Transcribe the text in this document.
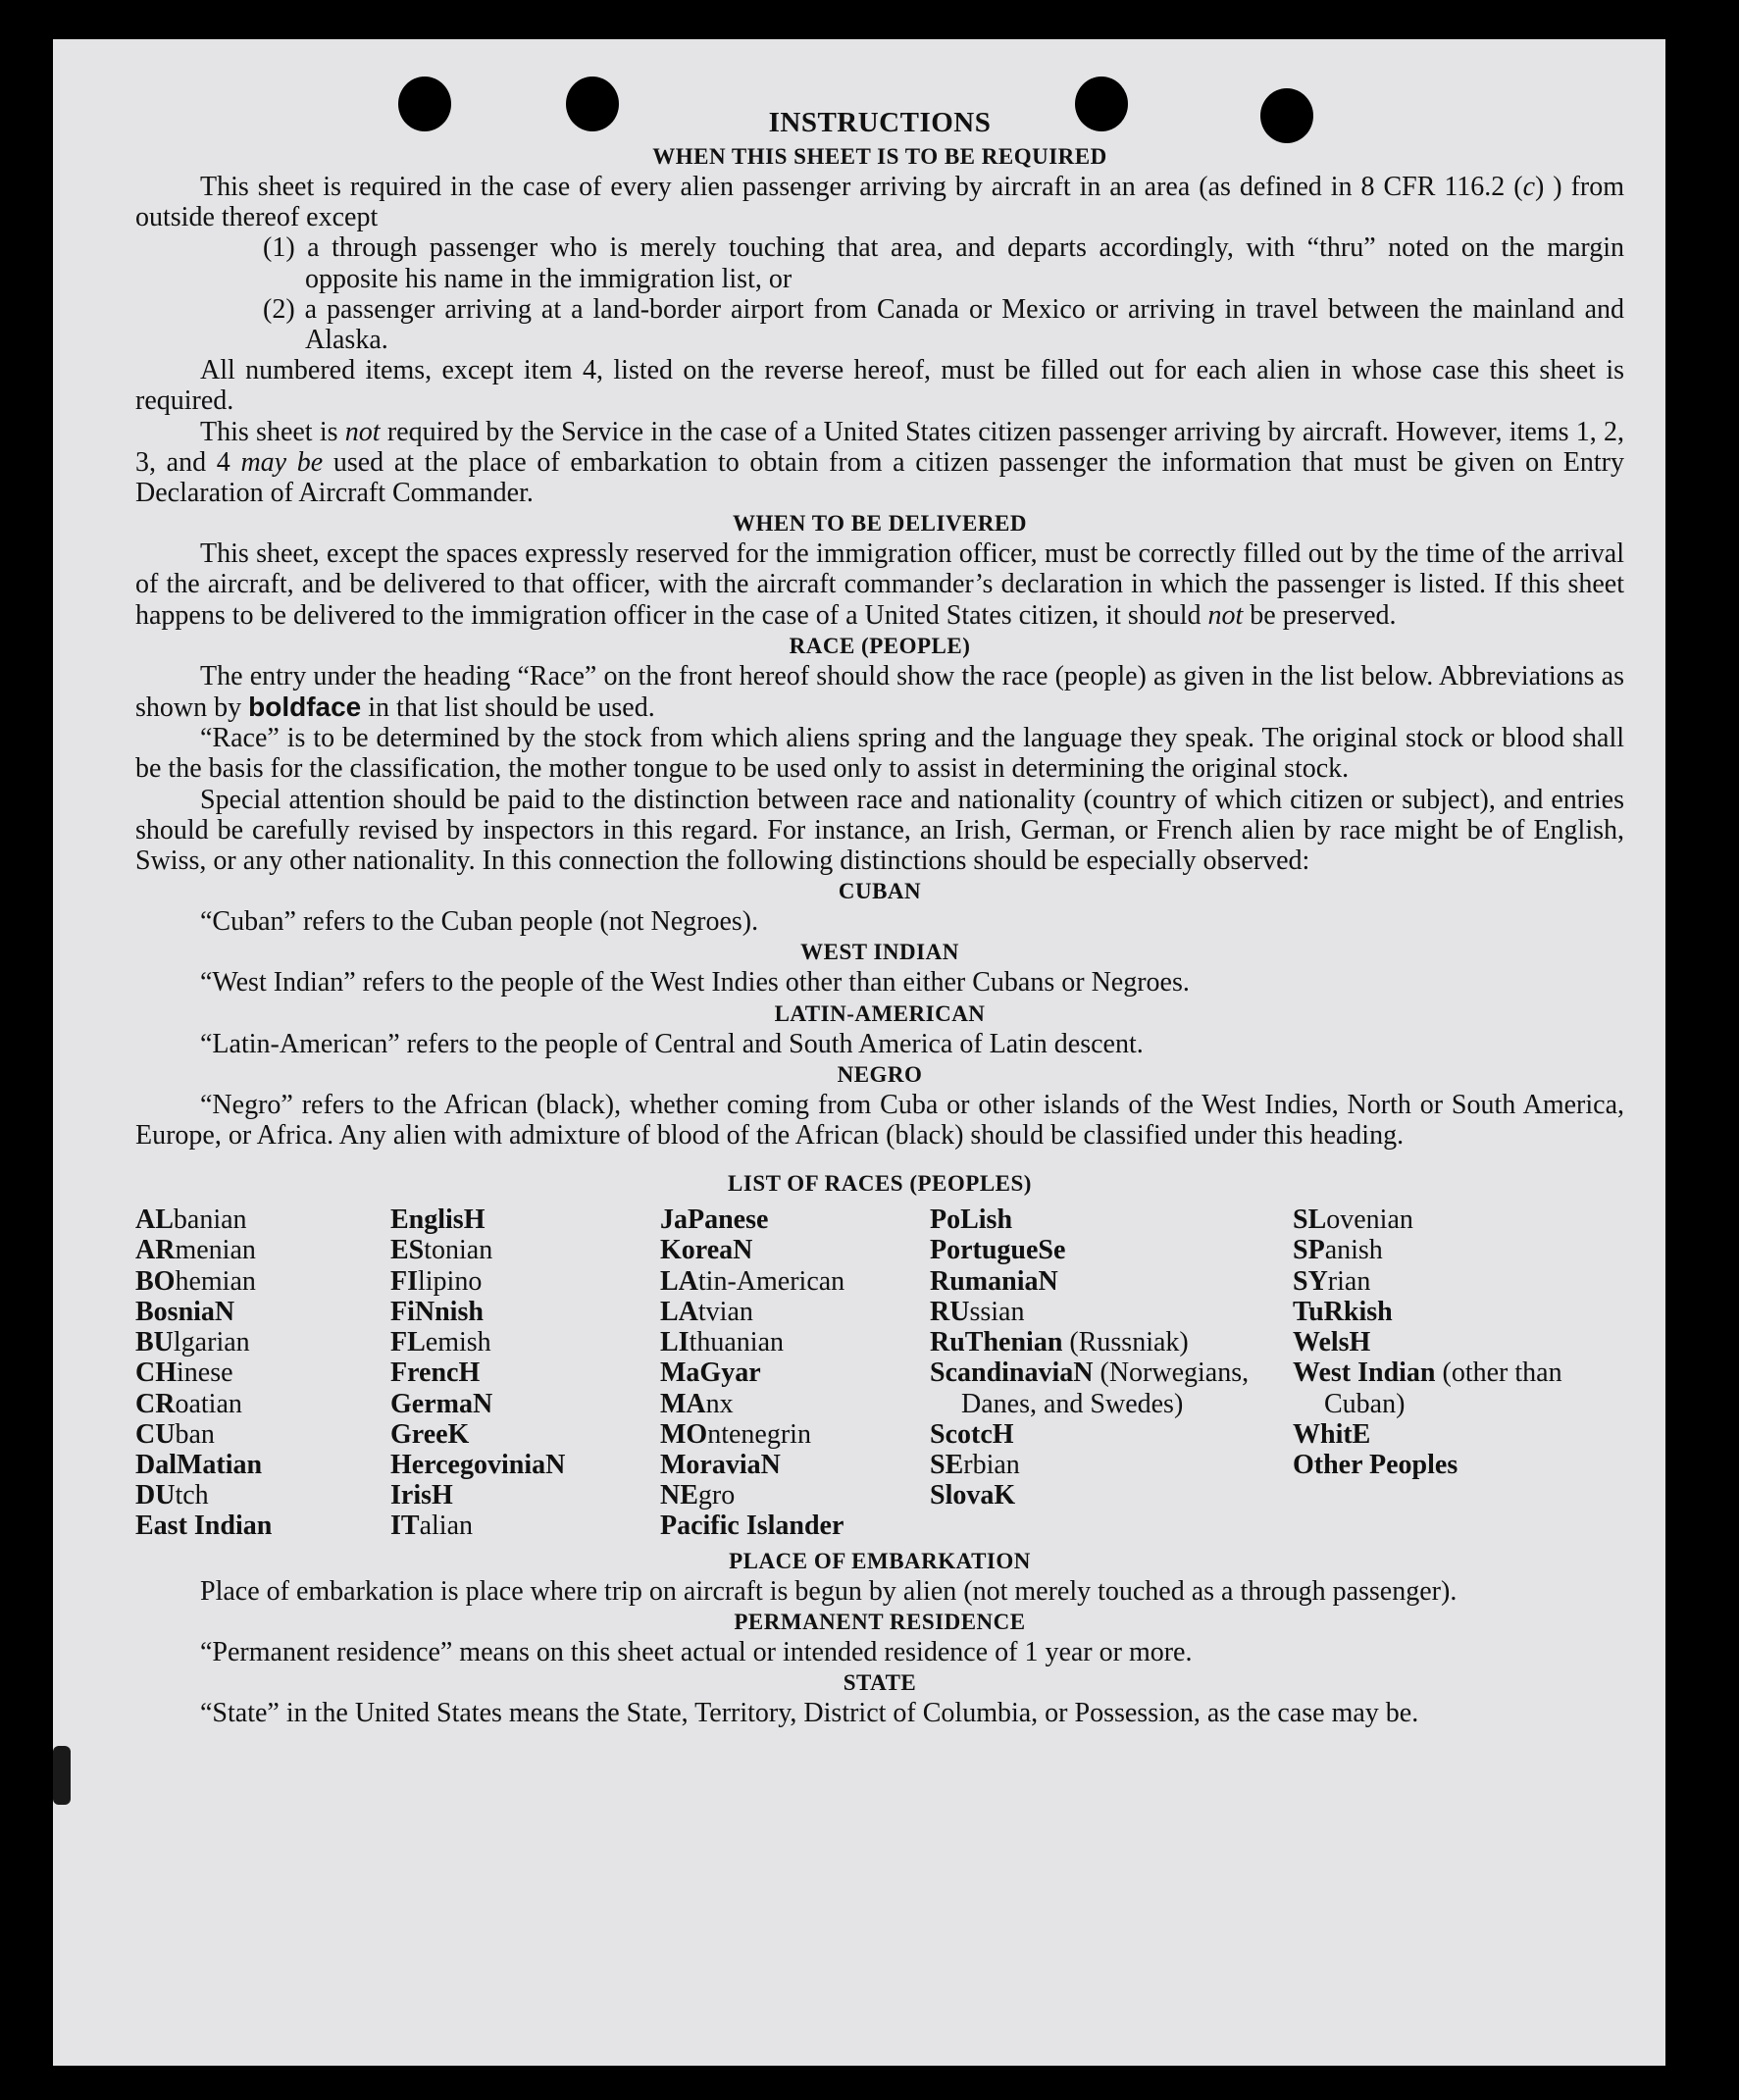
INSTRUCTIONS
WHEN THIS SHEET IS TO BE REQUIRED

This sheet is required in the case of every alien passenger arriving by aircraft in an area (as defined in 8 CFR 116.2 (c) ) from outside thereof except

(1) a through passenger who is merely touching that area, and departs accordingly, with “thru” noted on the margin opposite his name in the immigration list, or

(2) a passenger arriving at a land-border airport from Canada or Mexico or arriving in travel between the mainland and Alaska.

All numbered items, except item 4, listed on the reverse hereof, must be filled out for each alien in whose case this sheet is required.

This sheet is not required by the Service in the case of a United States citizen passenger arriving by aircraft. However, items 1, 2, 3, and 4 may be used at the place of embarkation to obtain from a citizen passenger the information that must be given on Entry Declaration of Aircraft Commander.

WHEN TO BE DELIVERED

This sheet, except the spaces expressly reserved for the immigration officer, must be correctly filled out by the time of the arrival of the aircraft, and be delivered to that officer, with the aircraft commander’s declaration in which the passenger is listed. If this sheet happens to be delivered to the immigration officer in the case of a United States citizen, it should not be preserved.

RACE (PEOPLE)

The entry under the heading “Race” on the front hereof should show the race (people) as given in the list below. Abbreviations as shown by boldface in that list should be used.

“Race” is to be determined by the stock from which aliens spring and the language they speak. The original stock or blood shall be the basis for the classification, the mother tongue to be used only to assist in determining the original stock.

Special attention should be paid to the distinction between race and nationality (country of which citizen or subject), and entries should be carefully revised by inspectors in this regard. For instance, an Irish, German, or French alien by race might be of English, Swiss, or any other nationality. In this connection the following distinctions should be especially observed:

CUBAN

“Cuban” refers to the Cuban people (not Negroes).

WEST INDIAN

“West Indian” refers to the people of the West Indies other than either Cubans or Negroes.

LATIN-AMERICAN

“Latin-American” refers to the people of Central and South America of Latin descent.

NEGRO

“Negro” refers to the African (black), whether coming from Cuba or other islands of the West Indies, North or South America, Europe, or Africa. Any alien with admixture of blood of the African (black) should be classified under this heading.

LIST OF RACES (PEOPLES)
ALbanian
ARmenian
BOhemian
BosniaN
BUlgarian
CHinese
CRoatian
CUban
DalMatian
DUtch
East Indian
EnglisH
EStonian
FIlipino
FiNnish
FLemish
FrencH
GermaN
GreeK
HercegoviniaN
IrisH
ITalian
JaPanese
KoreaN
LAtin-American
LAtvian
LIthuanian
MaGyar
MAnx
MOntenegrin
MoraviaN
NEgro
Pacific Islander
PoLish
PortugueSe
RumaniaN
RUssian
RuThenian (Russniak)
ScandinaviaN (Norwegians, Danes, and Swedes)
ScotcH
SErbian
SlovaK
SLovenian
SPanish
SYrian
TuRkish
WelsH
West Indian (other than Cuban)
WhitE
Other Peoples
PLACE OF EMBARKATION

Place of embarkation is place where trip on aircraft is begun by alien (not merely touched as a through passenger).

PERMANENT RESIDENCE

“Permanent residence” means on this sheet actual or intended residence of 1 year or more.

STATE

“State” in the United States means the State, Territory, District of Columbia, or Possession, as the case may be.
